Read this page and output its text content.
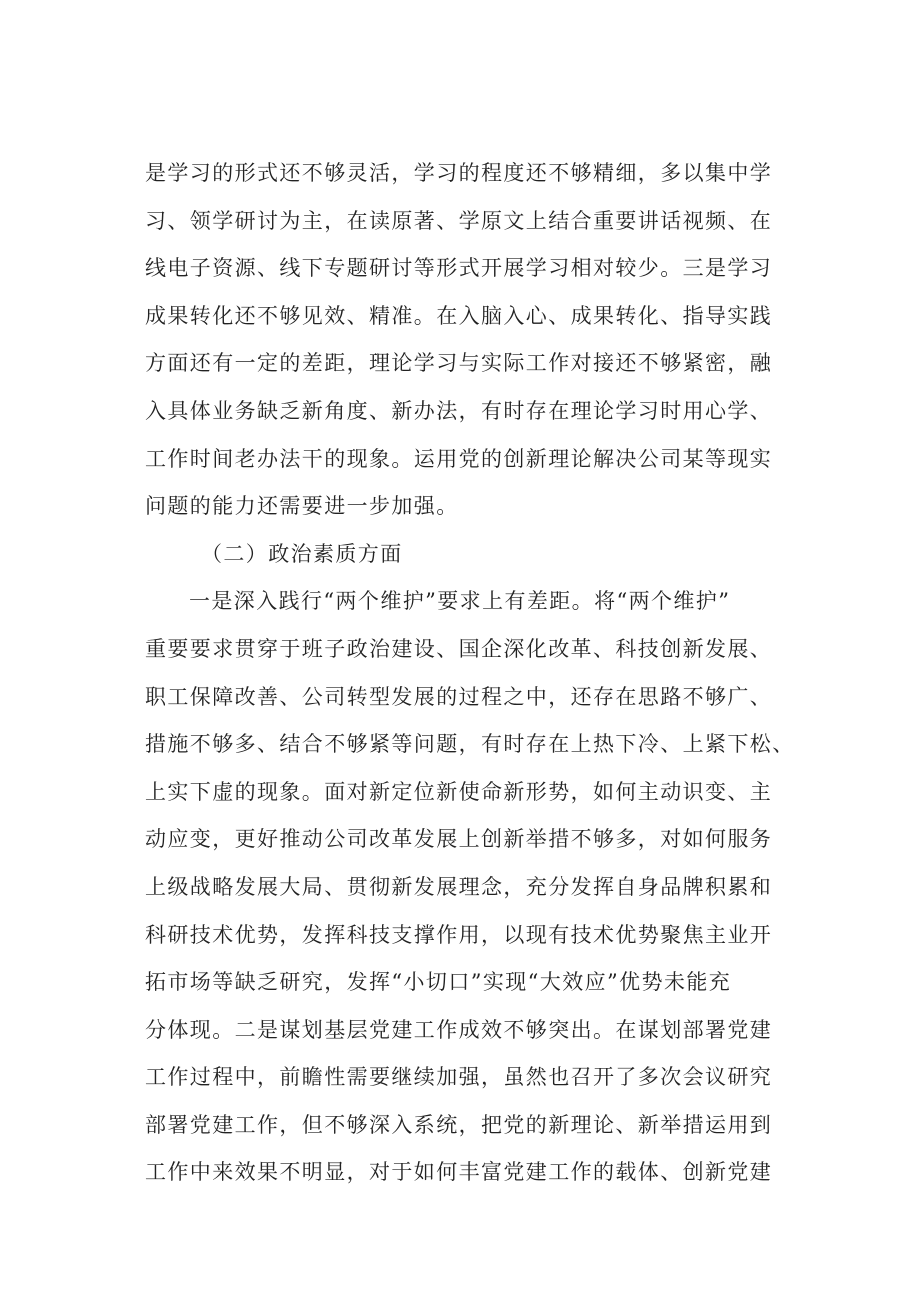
是学习的形式还不够灵活，学习的程度还不够精细，多以集中学
习、领学研讨为主，在读原著、学原文上结合重要讲话视频、在
线电子资源、线下专题研讨等形式开展学习相对较少。三是学习
成果转化还不够见效、精准。在入脑入心、成果转化、指导实践
方面还有一定的差距，理论学习与实际工作对接还不够紧密，融
入具体业务缺乏新角度、新办法，有时存在理论学习时用心学、
工作时间老办法干的现象。运用党的创新理论解决公司某等现实
问题的能力还需要进一步加强。
（二）政治素质方面
一是深入践行“两个维护”要求上有差距。将“两个维护”
重要要求贯穿于班子政治建设、国企深化改革、科技创新发展、
职工保障改善、公司转型发展的过程之中，还存在思路不够广、
措施不够多、结合不够紧等问题，有时存在上热下冷、上紧下松、
上实下虚的现象。面对新定位新使命新形势，如何主动识变、主
动应变，更好推动公司改革发展上创新举措不够多，对如何服务
上级战略发展大局、贯彻新发展理念，充分发挥自身品牌积累和
科研技术优势，发挥科技支撑作用，以现有技术优势聚焦主业开
拓市场等缺乏研究，发挥“小切口”实现“大效应”优势未能充
分体现。二是谋划基层党建工作成效不够突出。在谋划部署党建
工作过程中，前瞻性需要继续加强，虽然也召开了多次会议研究
部署党建工作，但不够深入系统，把党的新理论、新举措运用到
工作中来效果不明显，对于如何丰富党建工作的载体、创新党建
